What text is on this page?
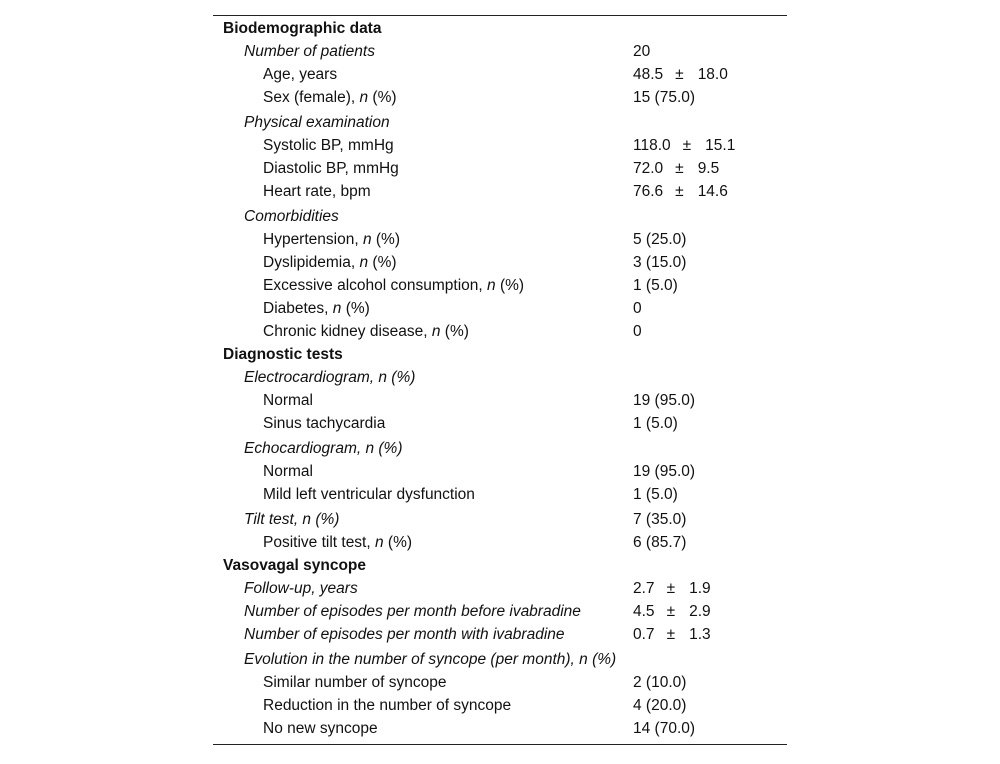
Biodemographic data
Number of patients	20
Age, years	48.5 ± 18.0
Sex (female), n (%)	15 (75.0)
Physical examination
Systolic BP, mmHg	118.0 ± 15.1
Diastolic BP, mmHg	72.0 ± 9.5
Heart rate, bpm	76.6 ± 14.6
Comorbidities
Hypertension, n (%)	5 (25.0)
Dyslipidemia, n (%)	3 (15.0)
Excessive alcohol consumption, n (%)	1 (5.0)
Diabetes, n (%)	0
Chronic kidney disease, n (%)	0
Diagnostic tests
Electrocardiogram, n (%)
Normal	19 (95.0)
Sinus tachycardia	1 (5.0)
Echocardiogram, n (%)
Normal	19 (95.0)
Mild left ventricular dysfunction	1 (5.0)
Tilt test, n (%)	7 (35.0)
Positive tilt test, n (%)	6 (85.7)
Vasovagal syncope
Follow-up, years	2.7 ± 1.9
Number of episodes per month before ivabradine	4.5 ± 2.9
Number of episodes per month with ivabradine	0.7 ± 1.3
Evolution in the number of syncope (per month), n (%)
Similar number of syncope	2 (10.0)
Reduction in the number of syncope	4 (20.0)
No new syncope	14 (70.0)
